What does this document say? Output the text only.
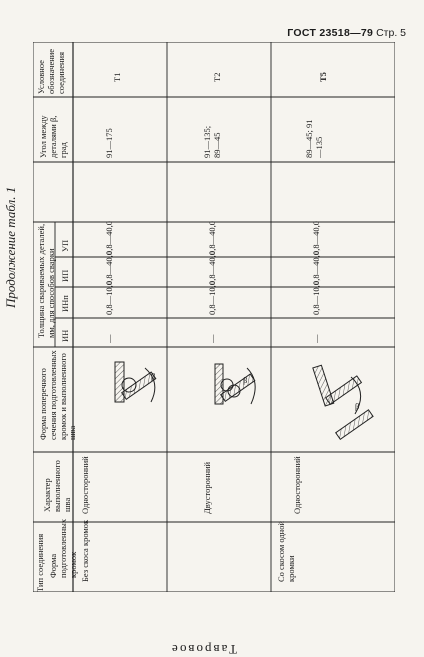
ГОСТ 23518—79 Стр. 5
Продолжение табл. 1
Тип соединения Форма подготовленных кромок
Характер выполненного шва
Форма поперечного сечения подготовленных кромок и выполненного шва
Толщина свариваемых деталей, мм, для способов сварки ИН
ИНп
ИП
УП
Угол между деталями β, град
Условное обозначение соединения
Без скоса кромок
Односторонний
—
0,8—10,0
0,8—40,0
0,8—40,0
91—175
Т1
β
Двусторонний
—
0,8—10,0
0,8—40,0
0,8—40,0
91—135; 89—45
Т2
β
Со скосом одной кромки
Односторонний
—
0,8—10,0
0,8—40,0
0,8—40,0
89—45; 91—135
Т5
β
Тавровое
